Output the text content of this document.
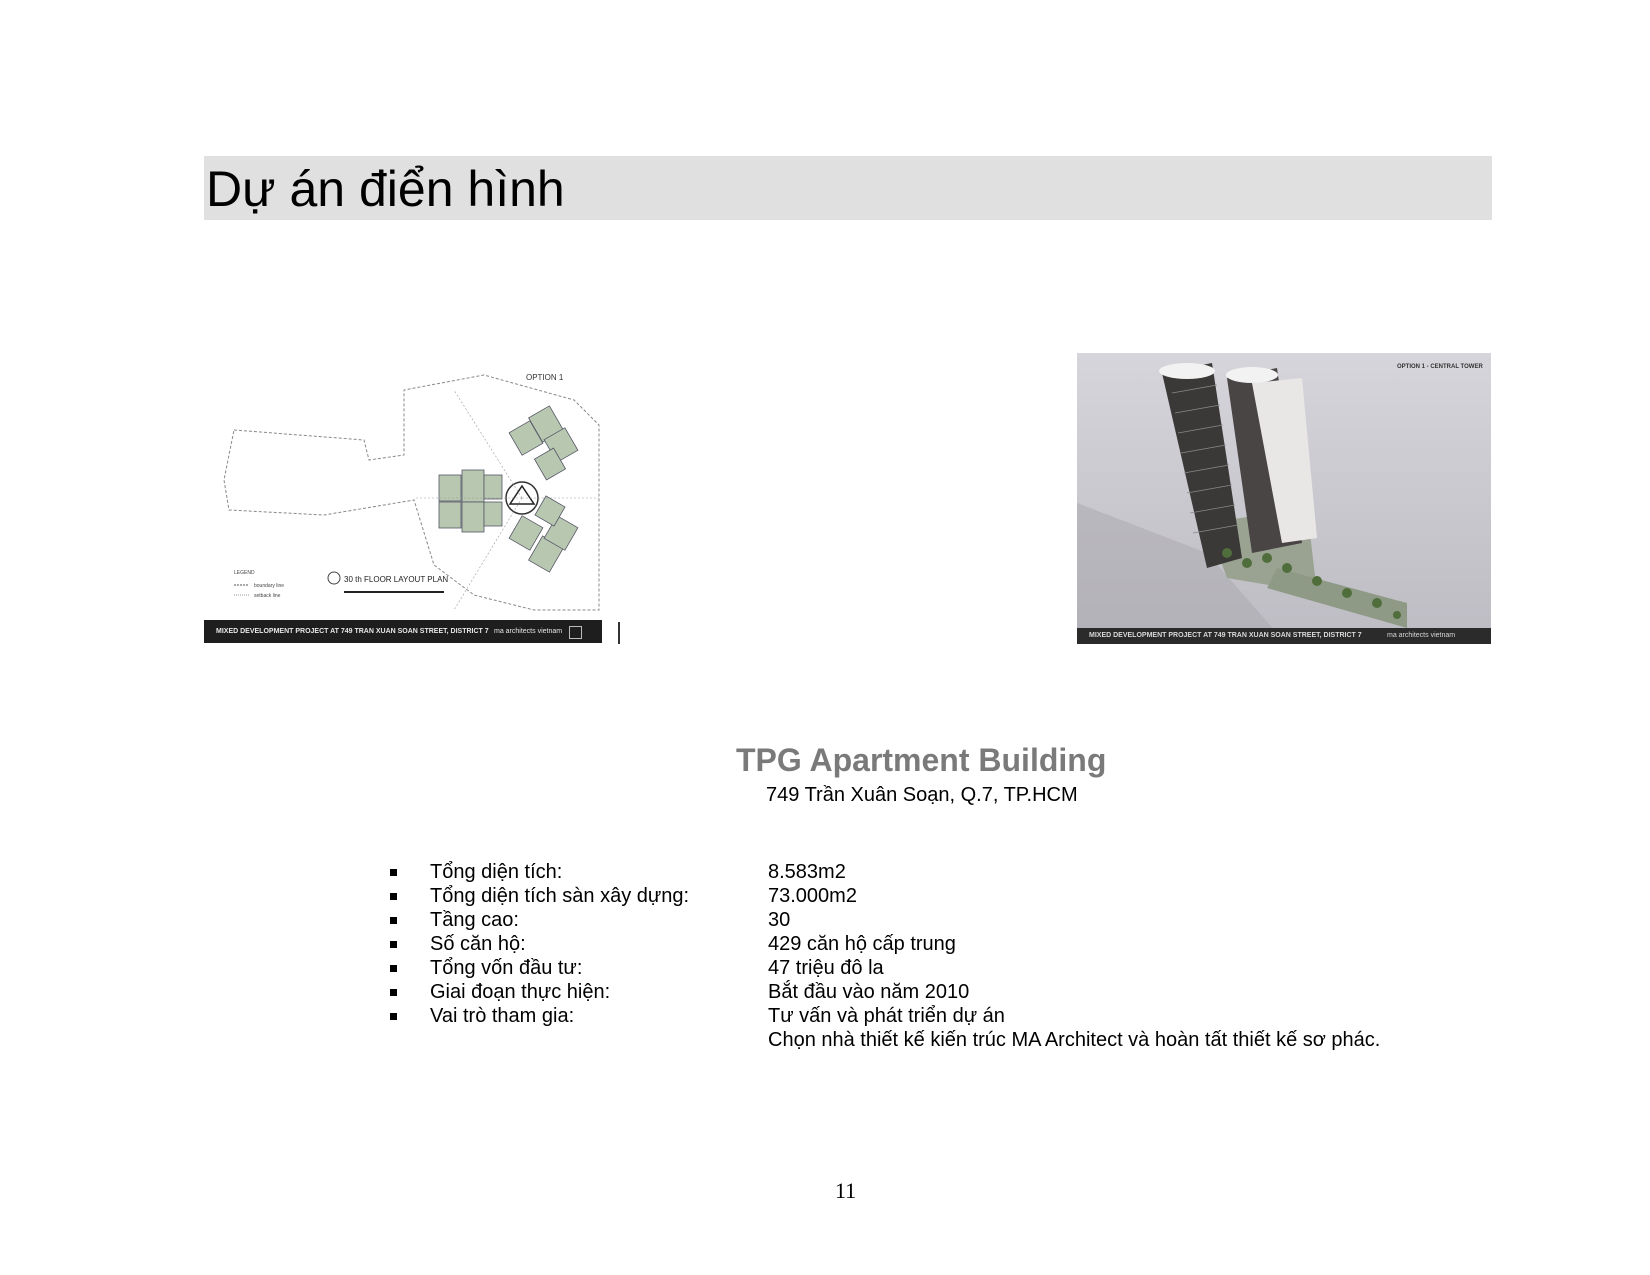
Dự án điển hình
OPTION 1
30 th FLOOR LAYOUT PLAN
LEGEND
boundary line
setback line
MIXED DEVELOPMENT PROJECT AT 749 TRAN XUAN SOAN STREET, DISTRICT 7 ma architects vietnam
OPTION 1 - CENTRAL TOWER
MIXED DEVELOPMENT PROJECT AT 749 TRAN XUAN SOAN STREET, DISTRICT 7	ma architects vietnam
TPG Apartment Building
749 Trần Xuân Soạn, Q.7, TP.HCM
Tổng diện tích:	8.583m2
Tổng diện tích sàn xây dựng:	73.000m2
Tầng cao:	30
Số căn hộ:	429 căn hộ cấp trung
Tổng vốn đầu tư:	47 triệu đô la
Giai đoạn thực hiện:	Bắt đầu vào năm 2010
Vai trò tham gia:	Tư vấn và phát triển dự án
Chọn nhà thiết kế kiến trúc MA Architect và hoàn tất thiết kế sơ phác.
11
